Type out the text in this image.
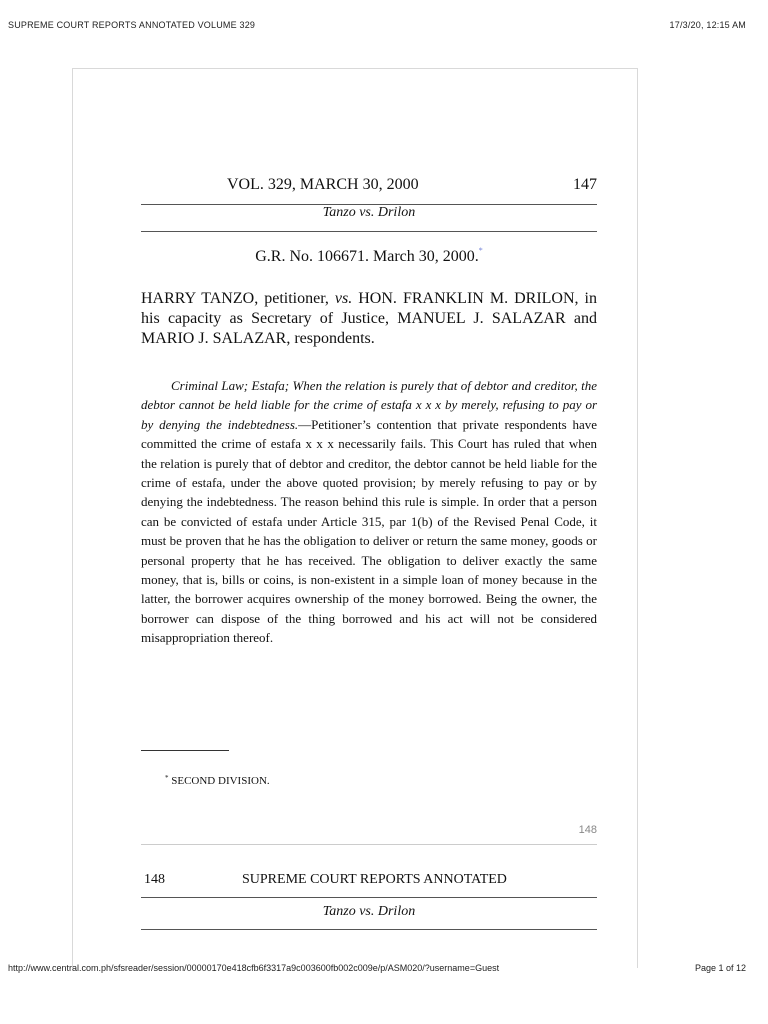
SUPREME COURT REPORTS ANNOTATED VOLUME 329	17/3/20, 12:15 AM
VOL. 329, MARCH 30, 2000	147
Tanzo vs. Drilon
G.R. No. 106671. March 30, 2000.*
HARRY TANZO, petitioner, vs. HON. FRANKLIN M. DRILON, in his capacity as Secretary of Justice, MANUEL J. SALAZAR and MARIO J. SALAZAR, respondents.
Criminal Law; Estafa; When the relation is purely that of debtor and creditor, the debtor cannot be held liable for the crime of estafa x x x by merely, refusing to pay or by denying the indebtedness.—Petitioner’s contention that private respondents have committed the crime of estafa x x x necessarily fails. This Court has ruled that when the relation is purely that of debtor and creditor, the debtor cannot be held liable for the crime of estafa, under the above quoted provision; by merely refusing to pay or by denying the indebtedness. The reason behind this rule is simple. In order that a person can be convicted of estafa under Article 315, par 1(b) of the Revised Penal Code, it must be proven that he has the obligation to deliver or return the same money, goods or personal property that he has received. The obligation to deliver exactly the same money, that is, bills or coins, is non-existent in a simple loan of money because in the latter, the borrower acquires ownership of the money borrowed. Being the owner, the borrower can dispose of the thing borrowed and his act will not be considered misappropriation thereof.
* SECOND DIVISION.
148
148	SUPREME COURT REPORTS ANNOTATED
Tanzo vs. Drilon
http://www.central.com.ph/sfsreader/session/00000170e418cfb6f3317a9c003600fb002c009e/p/ASM020/?username=Guest	Page 1 of 12
